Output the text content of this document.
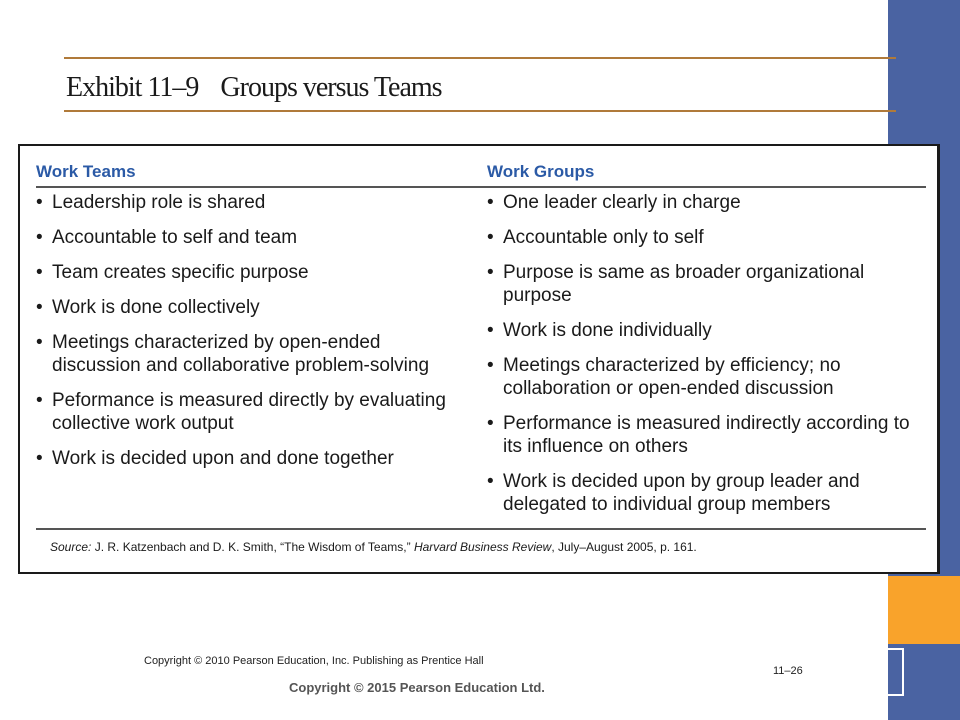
Exhibit 11–9 Groups versus Teams
Work Teams	Work Groups
• Leadership role is shared
• Accountable to self and team
• Team creates specific purpose
• Work is done collectively
• Meetings characterized by open-ended discussion and collaborative problem-solving
• Peformance is measured directly by evaluating collective work output
• Work is decided upon and done together
• One leader clearly in charge
• Accountable only to self
• Purpose is same as broader organizational purpose
• Work is done individually
• Meetings characterized by efficiency; no collaboration or open-ended discussion
• Performance is measured indirectly according to its influence on others
• Work is decided upon by group leader and delegated to individual group members
Source: J. R. Katzenbach and D. K. Smith, “The Wisdom of Teams,” Harvard Business Review, July–August 2005, p. 161.
Copyright © 2010 Pearson Education, Inc. Publishing as Prentice Hall
Copyright © 2015 Pearson Education Ltd.
11–26
